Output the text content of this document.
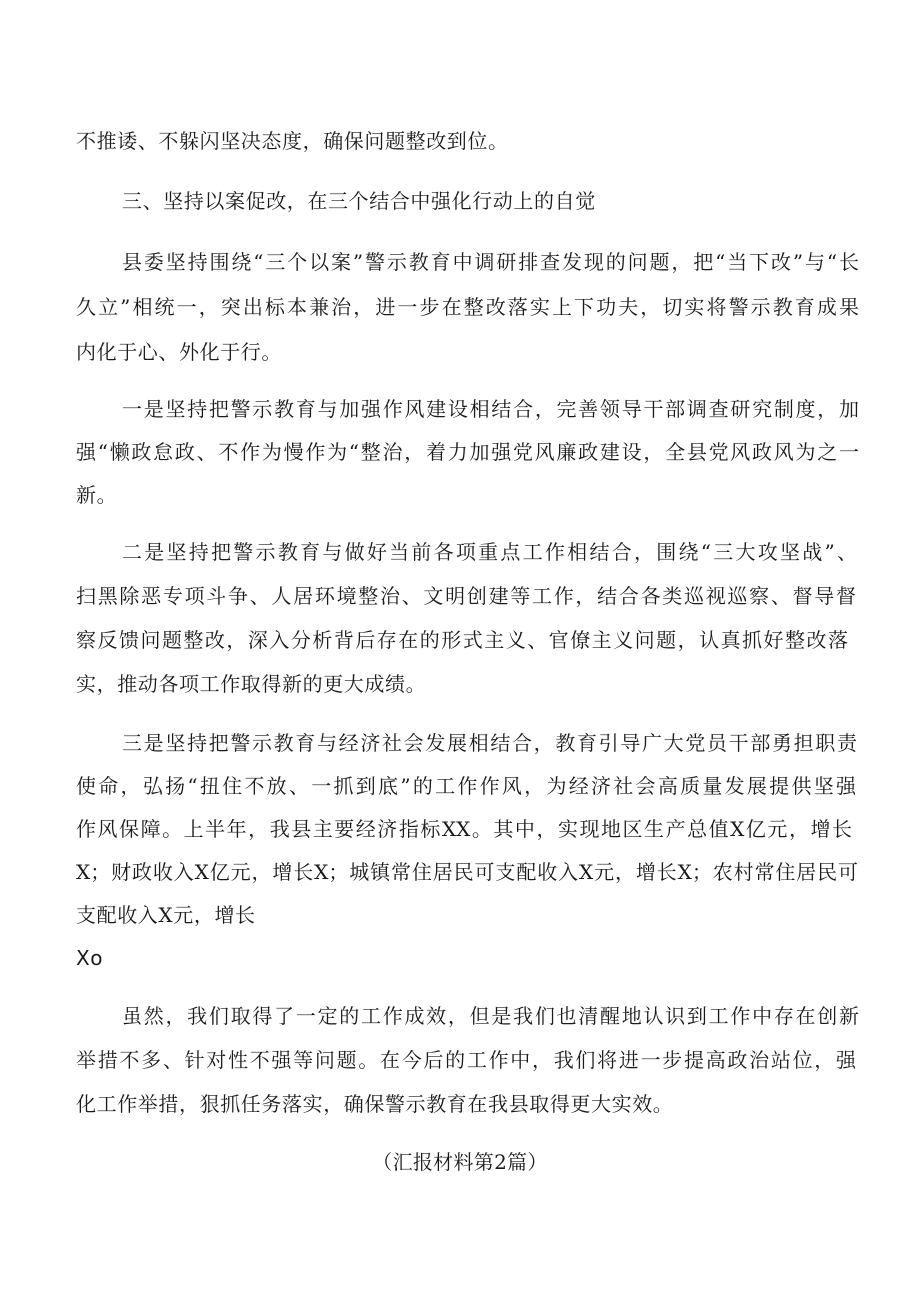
不推诿、不躲闪坚决态度，确保问题整改到位。
三、坚持以案促改，在三个结合中强化行动上的自觉
县委坚持围绕“三个以案”警示教育中调研排查发现的问题，把“当下改”与“长
久立”相统一，突出标本兼治，进一步在整改落实上下功夫，切实将警示教育成果
内化于心、外化于行。
一是坚持把警示教育与加强作风建设相结合，完善领导干部调查研究制度，加
强“懒政怠政、不作为慢作为“整治，着力加强党风廉政建设，全县党风政风为之一
新。
二是坚持把警示教育与做好当前各项重点工作相结合，围绕“三大攻坚战”、
扫黑除恶专项斗争、人居环境整治、文明创建等工作，结合各类巡视巡察、督导督
察反馈问题整改，深入分析背后存在的形式主义、官僚主义问题，认真抓好整改落
实，推动各项工作取得新的更大成绩。
三是坚持把警示教育与经济社会发展相结合，教育引导广大党员干部勇担职责
使命，弘扬“扭住不放、一抓到底”的工作作风，为经济社会高质量发展提供坚强
作风保障。上半年，我县主要经济指标XX。其中，实现地区生产总值X亿元，增长
X；财政收入X亿元，增长X；城镇常住居民可支配收入X元，增长X；农村常住居民可
支配收入X元，增长
Xo
虽然，我们取得了一定的工作成效，但是我们也清醒地认识到工作中存在创新
举措不多、针对性不强等问题。在今后的工作中，我们将进一步提高政治站位，强
化工作举措，狠抓任务落实，确保警示教育在我县取得更大实效。
（汇报材料第2篇）
